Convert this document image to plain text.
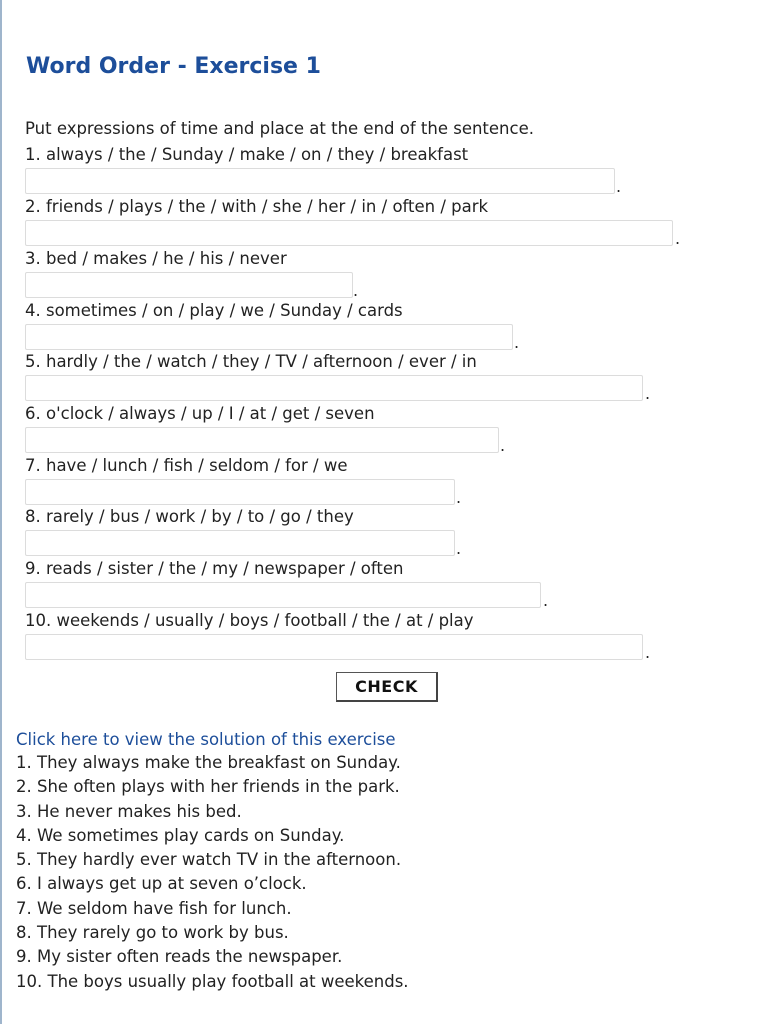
Word Order - Exercise 1
Put expressions of time and place at the end of the sentence.
1. always / the / Sunday / make / on / they / breakfast
.
2. friends / plays / the / with / she / her / in / often / park
.
3. bed / makes / he / his / never
.
4. sometimes / on / play / we / Sunday / cards
.
5. hardly / the / watch / they / TV / afternoon / ever / in
.
6. o'clock / always / up / I / at / get / seven
.
7. have / lunch / fish / seldom / for / we
.
8. rarely / bus / work / by / to / go / they
.
9. reads / sister / the / my / newspaper / often
.
10. weekends / usually / boys / football / the / at / play
.
CHECK
Click here to view the solution of this exercise
1. They always make the breakfast on Sunday.
2. She often plays with her friends in the park.
3. He never makes his bed.
4. We sometimes play cards on Sunday.
5. They hardly ever watch TV in the afternoon.
6. I always get up at seven o’clock.
7. We seldom have fish for lunch.
8. They rarely go to work by bus.
9. My sister often reads the newspaper.
10. The boys usually play football at weekends.
